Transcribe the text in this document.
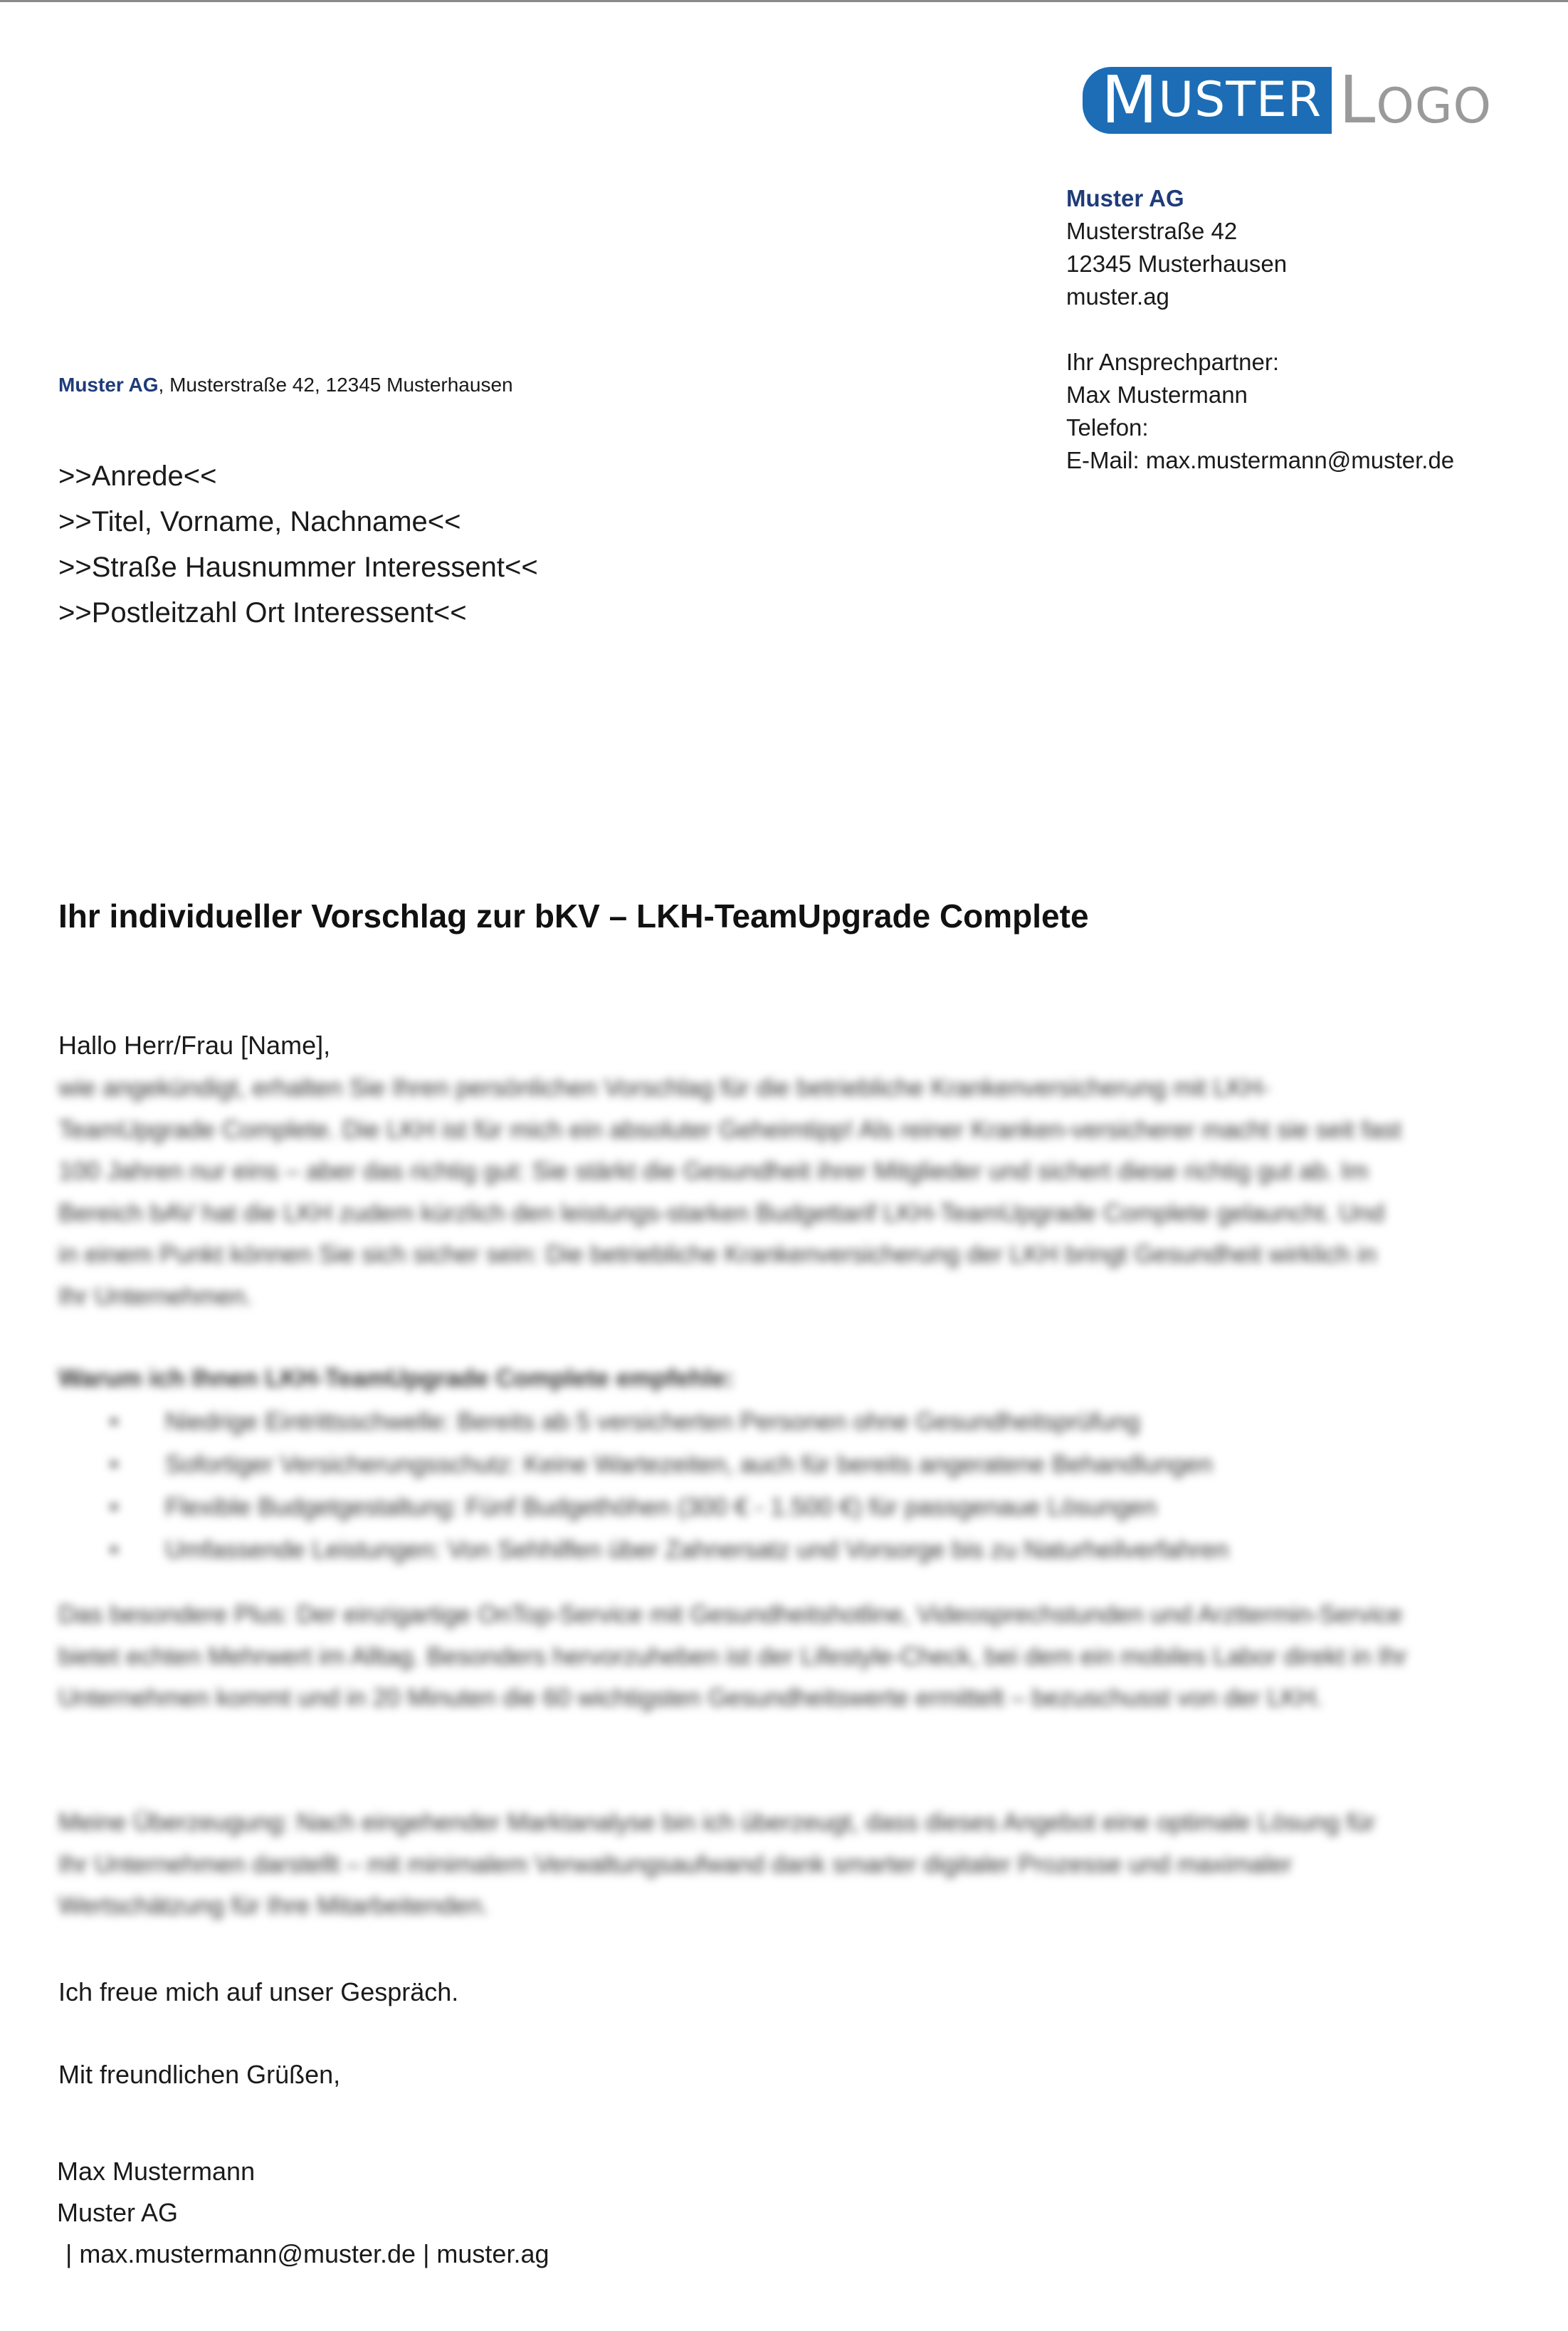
M USTER LOGO
Muster AG
Musterstraße 42
12345 Musterhausen
muster.ag
Ihr Ansprechpartner:
Max Mustermann
Telefon:
E-Mail: max.mustermann@muster.de
Muster AG, Musterstraße 42, 12345 Musterhausen
>>Anrede<<
>>Titel, Vorname, Nachname<<
>>Straße Hausnummer Interessent<<
>>Postleitzahl Ort Interessent<<
Ihr individueller Vorschlag zur bKV – LKH-TeamUpgrade Complete
Hallo Herr/Frau [Name],
wie angekündigt, erhalten Sie Ihren persönlichen Vorschlag für die betriebliche Krankenversicherung mit LKH-TeamUpgrade Complete. Die LKH ist für mich ein absoluter Geheimtipp! Als reiner Kranken-versicherer macht sie seit fast 100 Jahren nur eins – aber das richtig gut: Sie stärkt die Gesundheit ihrer Mitglieder und sichert diese richtig gut ab. Im Bereich bAV hat die LKH zudem kürzlich den leistungs-starken Budgettarif LKH-TeamUpgrade Complete gelauncht. Und in einem Punkt können Sie sich sicher sein: Die betriebliche Krankenversicherung der LKH bringt Gesundheit wirklich in Ihr Unternehmen.
Warum ich Ihnen LKH-TeamUpgrade Complete empfehle:
• Niedrige Eintrittsschwelle: Bereits ab 5 versicherten Personen ohne Gesundheitsprüfung
• Sofortiger Versicherungsschutz: Keine Wartezeiten, auch für bereits angeratene Behandlungen
• Flexible Budgetgestaltung: Fünf Budgethöhen (300 € - 1.500 €) für passgenaue Lösungen
• Umfassende Leistungen: Von Sehhilfen über Zahnersatz und Vorsorge bis zu Naturheilverfahren
Das besondere Plus: Der einzigartige OnTop-Service mit Gesundheitshotline, Videosprechstunden und Arzttermin-Service bietet echten Mehrwert im Alltag. Besonders hervorzuheben ist der Lifestyle-Check, bei dem ein mobiles Labor direkt in Ihr Unternehmen kommt und in 20 Minuten die 60 wichtigsten Gesundheitswerte ermittelt – bezuschusst von der LKH.
Meine Überzeugung: Nach eingehender Marktanalyse bin ich überzeugt, dass dieses Angebot eine optimale Lösung für Ihr Unternehmen darstellt – mit minimalem Verwaltungsaufwand dank smarter digitaler Prozesse und maximaler Wertschätzung für Ihre Mitarbeitenden.
Ich freue mich auf unser Gespräch.
Mit freundlichen Grüßen,
Max Mustermann
Muster AG
| max.mustermann@muster.de | muster.ag
